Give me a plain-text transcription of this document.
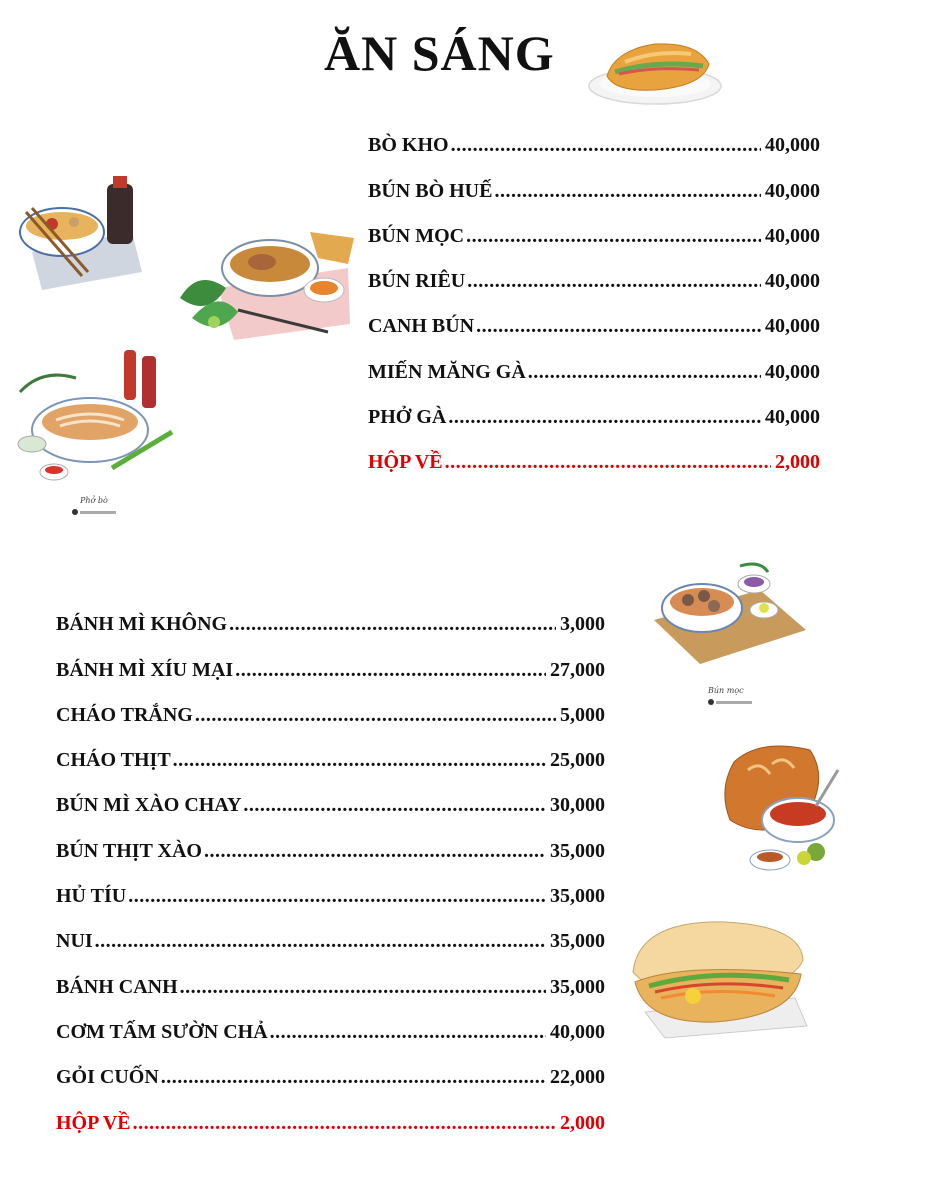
ĂN SÁNG
BÒ KHO .....	40,000
BÚN BÒ HUẾ .....	40,000
BÚN MỌC .....	40,000
BÚN RIÊU .....	40,000
CANH BÚN .....	40,000
MIẾN MĂNG GÀ .....	40,000
PHỞ GÀ .....	40,000
HỘP VỀ .....	2,000
BÁNH MÌ KHÔNG .....	3,000
BÁNH MÌ XÍU MẠI .....	27,000
CHÁO TRẮNG .....	5,000
CHÁO THỊT .....	25,000
BÚN MÌ XÀO CHAY .....	30,000
BÚN THỊT XÀO .....	35,000
HỦ TÍU .....	35,000
NUI .....	35,000
BÁNH CANH .....	35,000
CƠM TẤM SƯỜN CHẢ .....	40,000
GỎI CUỐN .....	22,000
HỘP VỀ .....	2,000
Phở bò

Bún mọc
